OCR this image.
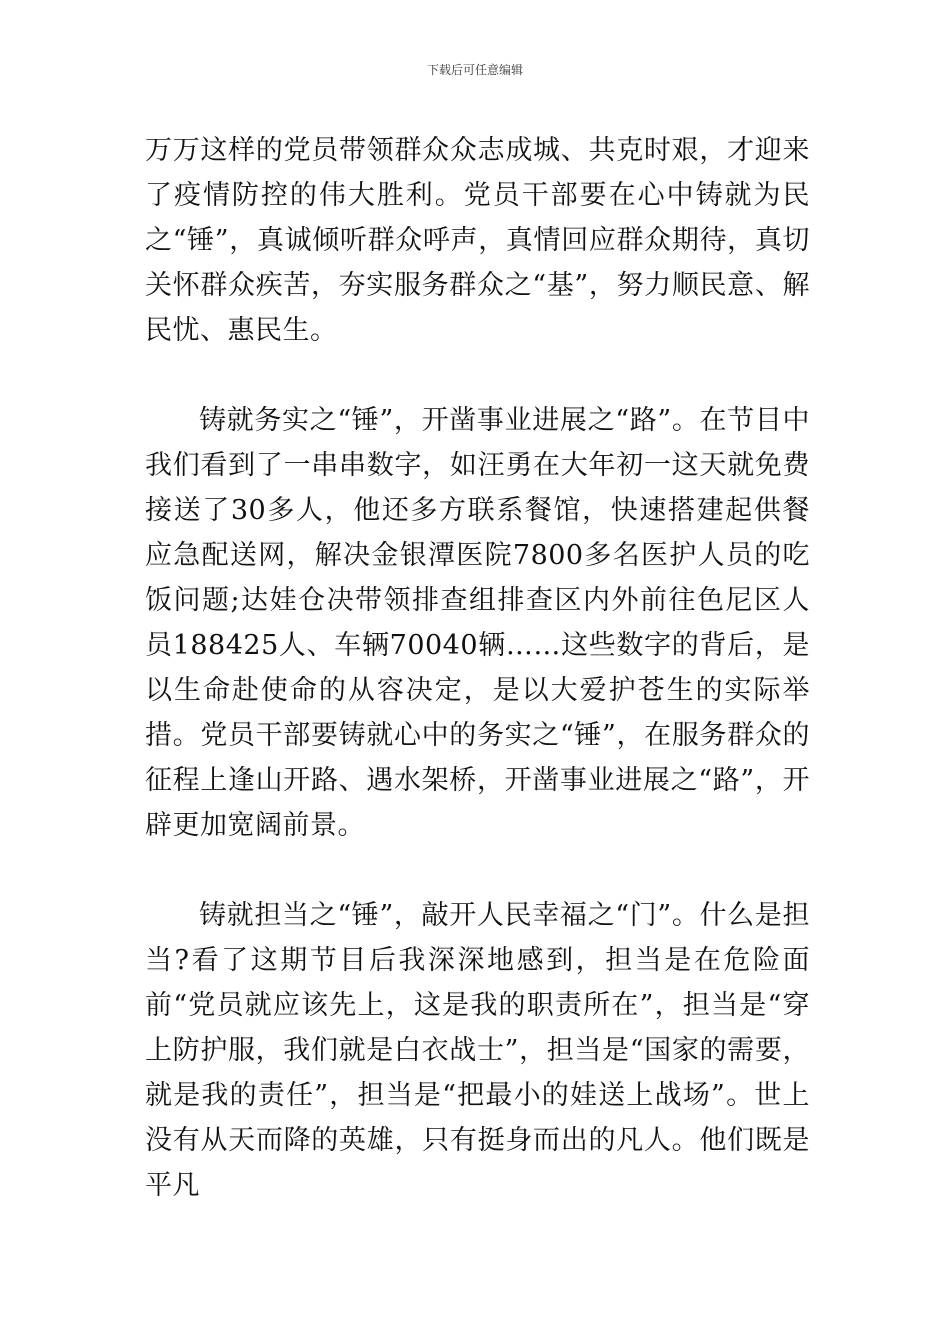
下载后可任意编辑

万万这样的党员带领群众众志成城、共克时艰，才迎来了疫情防控的伟大胜利。党员干部要在心中铸就为民之“锤”，真诚倾听群众呼声，真情回应群众期待，真切关怀群众疾苦，夯实服务群众之“基”，努力顺民意、解民忧、惠民生。

铸就务实之“锤”，开凿事业进展之“路”。在节目中我们看到了一串串数字，如汪勇在大年初一这天就免费接送了30多人，他还多方联系餐馆，快速搭建起供餐应急配送网，解决金银潭医院7800多名医护人员的吃饭问题;达娃仓决带领排查组排查区内外前往色尼区人员188425人、车辆70040辆……这些数字的背后，是以生命赴使命的从容决定，是以大爱护苍生的实际举措。党员干部要铸就心中的务实之“锤”，在服务群众的征程上逢山开路、遇水架桥，开凿事业进展之“路”，开辟更加宽阔前景。

铸就担当之“锤”，敲开人民幸福之“门”。什么是担当?看了这期节目后我深深地感到，担当是在危险面前“党员就应该先上，这是我的职责所在”，担当是“穿上防护服，我们就是白衣战士”，担当是“国家的需要，就是我的责任”，担当是“把最小的娃送上战场”。世上没有从天而降的英雄，只有挺身而出的凡人。他们既是平凡
